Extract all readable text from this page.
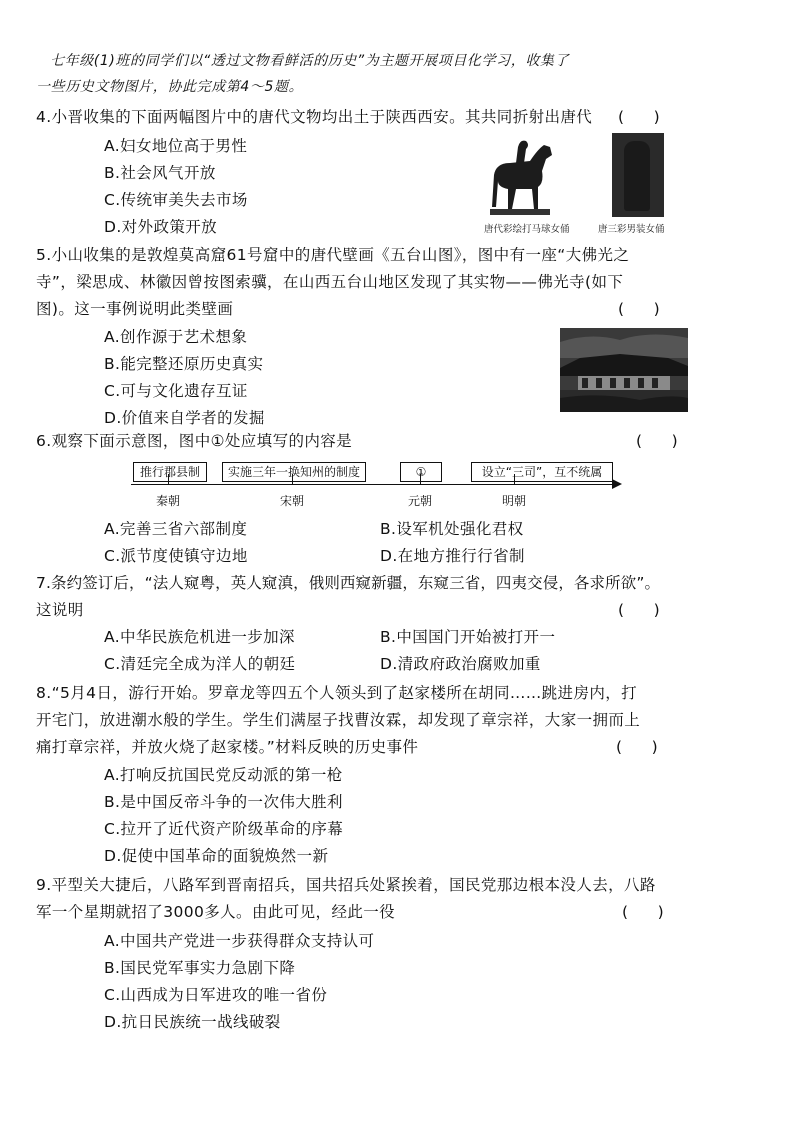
七年级(1)班的同学们以“透过文物看鲜活的历史”为主题开展项目化学习，收集了
一些历史文物图片，协此完成第4～5题。
4.小晋收集的下面两幅图片中的唐代文物均出土于陕西西安。其共同折射出唐代 (      )
A.妇女地位高于男性
B.社会风气开放
C.传统审美失去市场
D.对外政策开放	唐代彩绘打马球女俑	唐三彩男装女俑
5.小山收集的是敦煌莫高窟61号窟中的唐代壁画《五台山图》，图中有一座“大佛光之
寺”，梁思成、林徽因曾按图索骥，在山西五台山地区发现了其实物——佛光寺(如下
图)。这一事例说明此类壁画	(      )
A.创作源于艺术想象
B.能完整还原历史真实
C.可与文化遗存互证
D.价值来自学者的发掘
6.观察下面示意图，图中①处应填写的内容是	(      )
推行郡县制	实施三年一换知州的制度	①	设立“三司”，互不统属
秦朝	宋朝	元朝	明朝
A.完善三省六部制度	B.设军机处强化君权
C.派节度使镇守边地	D.在地方推行行省制
7.条约签订后，“法人窥粤，英人窥滇，俄则西窥新疆，东窥三省，四夷交侵，各求所欲”。
这说明	(      )
A.中华民族危机进一步加深	B.中国国门开始被打开一
C.清廷完全成为洋人的朝廷	D.清政府政治腐败加重
8.“5月4日，游行开始。罗章龙等四五个人领头到了赵家楼所在胡同……跳进房内，打
开宅门，放进潮水般的学生。学生们满屋子找曹汝霖，却发现了章宗祥，大家一拥而上
痛打章宗祥，并放火烧了赵家楼。”材料反映的历史事件	(      )
A.打响反抗国民党反动派的第一枪
B.是中国反帝斗争的一次伟大胜利
C.拉开了近代资产阶级革命的序幕
D.促使中国革命的面貌焕然一新
9.平型关大捷后，八路军到晋南招兵，国共招兵处紧挨着，国民党那边根本没人去，八路
军一个星期就招了3000多人。由此可见，经此一役	(      )
A.中国共产党进一步获得群众支持认可
B.国民党军事实力急剧下降
C.山西成为日军进攻的唯一省份
D.抗日民族统一战线破裂
